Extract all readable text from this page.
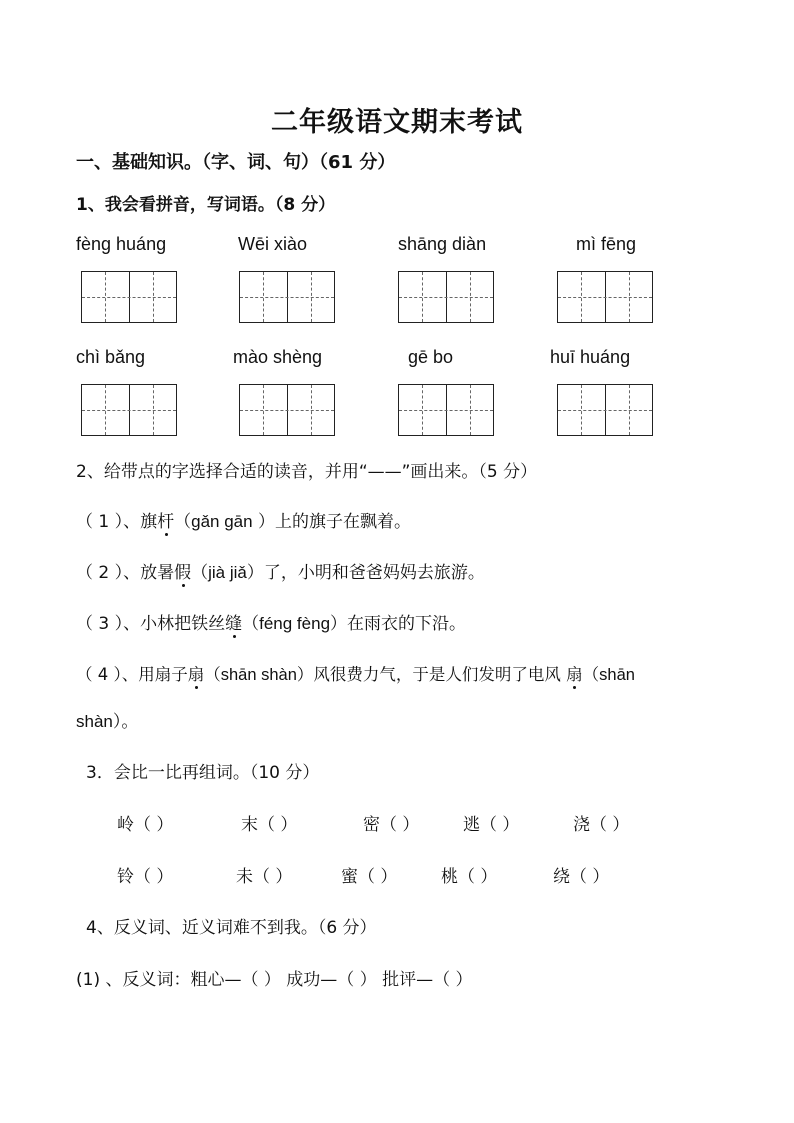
二年级语文期末考试
一、基础知识。（字、词、句）（61 分）
1、我会看拼音，写词语。（8 分）
fènɡ huánɡ	Wēi xiào	shāng diàn	mì fēng
chì bǎng	mào shèng	gē bo	huī huáng
2、给带点的字选择合适的读音，并用“——”画出来。（5 分）
（ 1 ）、旗杆（ɡǎn ɡān ）上的旗子在飘着。
（ 2 ）、放暑假（jià jiǎ）了，小明和爸爸妈妈去旅游。
（ 3 ）、小林把铁丝缝（fénɡ fènɡ）在雨衣的下沿。
（ 4 ）、用扇子扇（shān shàn）风很费力气，于是人们发明了电风 扇（shān
shàn）。
3．会比一比再组词。（10 分）
岭（ ）	末（ ）	密（ ）	逃（ ）	浇（ ）
铃（ ）	未（ ）	蜜（ ）	桃（ ）	绕（ ）
4、反义词、近义词难不到我。（6 分）
(1) 、反义词：粗心—（ ） 成功—（ ） 批评—（ ）
